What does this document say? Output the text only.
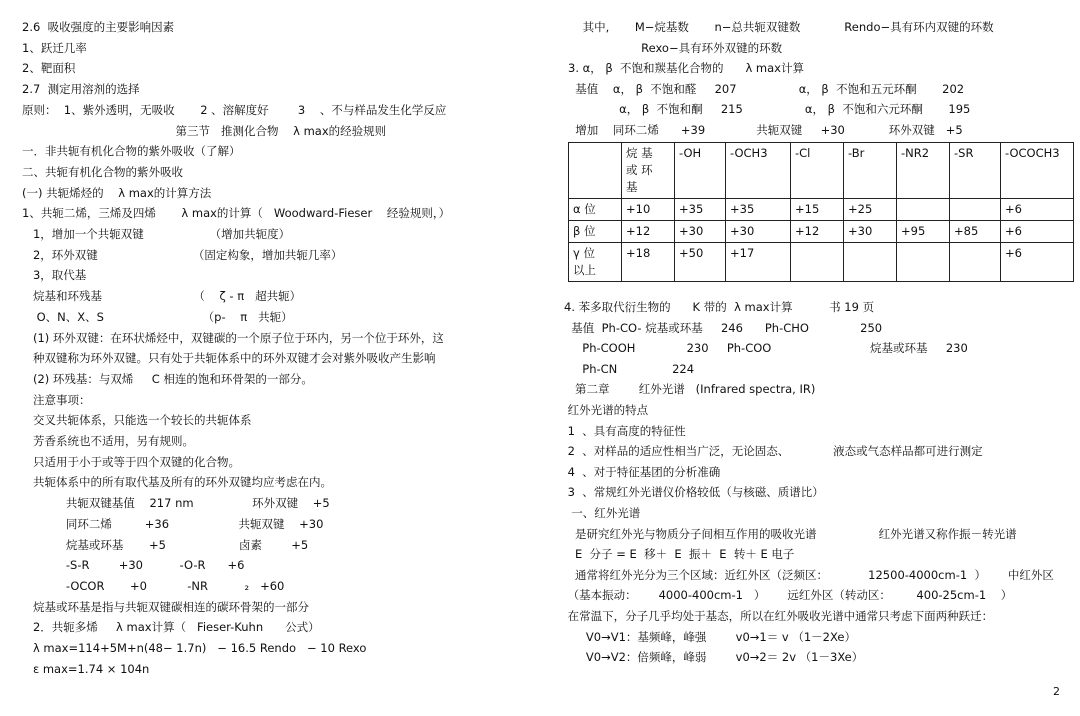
2.6  吸收强度的主要影响因素
1、跃迁几率
2、靶面积
2.7  测定用溶剂的选择
原则：  1、紫外透明，无吸收       2 、溶解度好        3    、不与样品发生化学反应
第三节   推测化合物    λ max的经验规则
一．非共轭有机化合物的紫外吸收（了解）
二、共轭有机化合物的紫外吸收
(一) 共轭烯烃的    λ max的计算方法
1、共轭二烯，三烯及四烯       λ max的计算（   Woodward-Fieser    经验规则，）
1，增加一个共轭双键                  （增加共轭度）
2，环外双键                          （固定构象，增加共轭几率）
3，取代基
烷基和环残基                         （    ζ - π   超共轭）
O、N、X、S                           （p-    π   共轭）
(1) 环外双键：在环状烯烃中，双键碳的一个原子位于环内，另一个位于环外，这
种双键称为环外双键。只有处于共轭体系中的环外双键才会对紫外吸收产生影响
(2) 环残基：与双烯     C 相连的饱和环骨架的一部分。
注意事项：
交叉共轭体系，只能选一个较长的共轭体系
芳香系统也不适用，另有规则。
只适用于小于或等于四个双键的化合物。
共轭体系中的所有取代基及所有的环外双键均应考虑在内。
共轭双键基值    217 nm                环外双键    +5
同环二烯         +36                   共轭双键    +30
烷基或环基       +5                    卤素        +5
-S-R        +30          -O-R      +6
-OCOR       +0           -NR          ₂   +60
烷基或环基是指与共轭双键碳相连的碳环骨架的一部分
2．共轭多烯     λ max计算（   Fieser-Kuhn      公式）
λ max=114+5M+n(48− 1.7n)   − 16.5 Rendo   − 10 Rexo
ε max=1.74 × 104n
其中,       M−烷基数       n−总共轭双键数            Rendo−具有环内双键的环数
Rexo−具有环外双键的环数
3. α， β  不饱和羰基化合物的      λ max计算
基值    α， β  不饱和醛     207                 α， β  不饱和五元环酮       202
α， β  不饱和酮     215                 α， β  不饱和六元环酮       195
增加    同环二烯      +39              共轭双键     +30            环外双键   +5
	烷 基
或 环
基	-OH	-OCH3	-Cl	-Br	-NR2	-SR	-OCOCH3
α 位	+10	+35	+35	+15	+25			+6
β 位	+12	+30	+30	+12	+30	+95	+85	+6
γ 位
以上	+18	+50	+17					+6
4. 苯多取代衍生物的      K 带的  λ max计算          书 19 页
基值  Ph-CO- 烷基或环基     246      Ph-CHO              250
Ph-COOH              230     Ph-COO                           烷基或环基     230
Ph-CN               224
第二章        红外光谱   (Infrared spectra, IR)
红外光谱的特点
1  、具有高度的特征性
2  、对样品的适应性相当广泛，无论固态、            液态或气态样品都可进行测定
4  、对于特征基团的分析准确
3  、常规红外光谱仪价格较低（与核磁、质谱比）
一、红外光谱
是研究红外光与物质分子间相互作用的吸收光谱                 红外光谱又称作振－转光谱
E  分子 = E  移＋  E  振＋  E  转＋ E 电子
通常将红外光分为三个区域：近红外区（泛频区：           12500-4000cm-1  ）      中红外区
（基本振动：      4000-400cm-1   ）      远红外区（转动区：       400-25cm-1    ）
在常温下，分子几乎均处于基态，所以在红外吸收光谱中通常只考虑下面两种跃迁：
V0→V1：基频峰，峰强        v0→1＝ v （1－2Xe）
V0→V2：倍频峰，峰弱        v0→2＝ 2v （1－3Xe）
2
